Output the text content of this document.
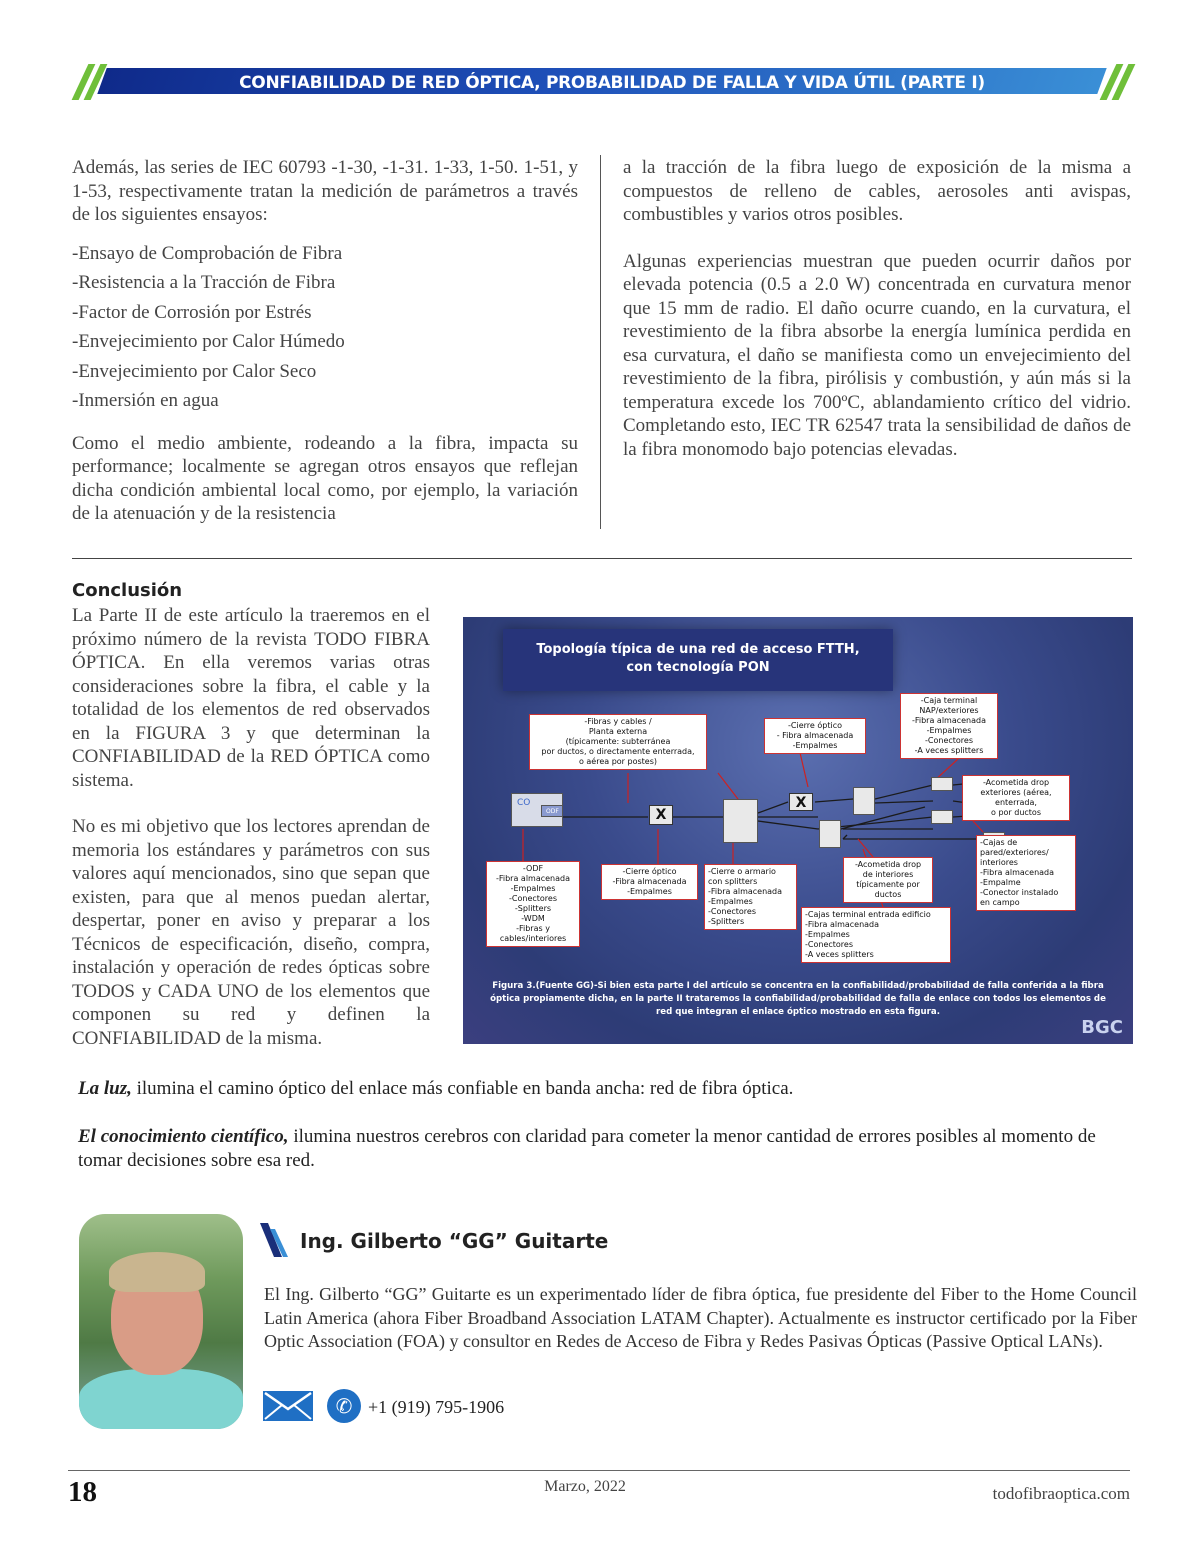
CONFIABILIDAD DE RED ÓPTICA, PROBABILIDAD DE FALLA Y VIDA ÚTIL (PARTE I)

Además, las series de IEC 60793 -1-30, -1-31. 1-33, 1-50. 1-51, y 1-53, respectivamente tratan la medición de parámetros a través de los siguientes ensayos:

-Ensayo de Comprobación de Fibra
-Resistencia a la Tracción de Fibra
-Factor de Corrosión por Estrés
-Envejecimiento por Calor Húmedo
-Envejecimiento por Calor Seco
-Inmersión en agua

Como el medio ambiente, rodeando a la fibra, impacta su performance; localmente se agregan otros ensayos que reflejan dicha condición ambiental local como, por ejemplo, la variación de la atenuación y de la resistencia

a la tracción de la fibra luego de exposición de la misma a compuestos de relleno de cables, aerosoles anti avispas, combustibles y varios otros posibles.

Algunas experiencias muestran que pueden ocurrir daños por elevada potencia (0.5 a 2.0 W) concentrada en curvatura menor que 15 mm de radio. El daño ocurre cuando, en la curvatura, el revestimiento de la fibra absorbe la energía lumínica perdida en esa curvatura, el daño se manifiesta como un envejecimiento del revestimiento de la fibra, pirólisis y combustión, y aún más si la temperatura excede los 700ºC, ablandamiento crítico del vidrio. Completando esto, IEC TR 62547 trata la sensibilidad de daños de la fibra monomodo bajo potencias elevadas.

Conclusión

La Parte II de este artículo la traeremos en el próximo número de la revista TODO FIBRA ÓPTICA. En ella veremos varias otras consideraciones sobre la fibra, el cable y la totalidad de los elementos de red observados en la FIGURA 3 y que determinan la CONFIABILIDAD de la RED ÓPTICA como sistema.

No es mi objetivo que los lectores aprendan de memoria los estándares y parámetros con sus valores aquí mencionados, sino que sepan que existen, para que al menos puedan alertar, despertar, poner en aviso y preparar a los Técnicos de especificación, diseño, compra, instalación y operación de redes ópticas sobre TODOS y CADA UNO de los elementos que componen su red y definen la CONFIABILIDAD de la misma.

Topología típica de una red de acceso FTTH,
con tecnología PON
CO
ODF	X
X
-Fibras y cables /
Planta externa
(típicamente: subterránea
por ductos, o directamente enterrada,
o aérea por postes)
-Cierre óptico
- Fibra almacenada
-Empalmes
-Caja terminal
NAP/exteriores
-Fibra almacenada
-Empalmes
-Conectores
-A veces splitters
-Acometida drop
exteriores (aérea,
enterrada,
o por ductos
-Cajas de
pared/exteriores/
interiores
-Fibra almacenada
-Empalme
-Conector instalado
en campo
-ODF
-Fibra almacenada
-Empalmes
-Conectores
-Splitters
-WDM
-Fibras y
cables/interiores
-Cierre óptico
-Fibra almacenada
-Empalmes
-Cierre o armario
con splitters
-Fibra almacenada
-Empalmes
-Conectores
-Splitters
-Acometida drop
de interiores
típicamente por
ductos
-Cajas terminal entrada edificio
-Fibra almacenada
-Empalmes
-Conectores
-A veces splitters
Figura 3.(Fuente GG)-Si bien esta parte I del artículo se concentra en la confiabilidad/probabilidad de falla conferida a la fibra óptica propiamente dicha, en la parte II trataremos la confiabilidad/probabilidad de falla de enlace con todos los elementos de red que integran el enlace óptico mostrado en esta figura.
BGC

La luz, ilumina el camino óptico del enlace más confiable en banda ancha: red de fibra óptica.

El conocimiento científico, ilumina nuestros cerebros con claridad para cometer la menor cantidad de errores posibles al momento de tomar decisiones sobre esa red.

Ing. Gilberto “GG” Guitarte

El Ing. Gilberto “GG” Guitarte es un experimentado líder de fibra óptica, fue presidente del Fiber to the Home Council Latin America (ahora Fiber Broadband Association LATAM Chapter). Actualmente es instructor certificado por la Fiber Optic Association (FOA) y consultor en Redes de Acceso de Fibra y Redes Pasivas Ópticas (Passive Optical LANs).

✆ +1 (919) 795-1906
18	Marzo, 2022	todofibraoptica.com
